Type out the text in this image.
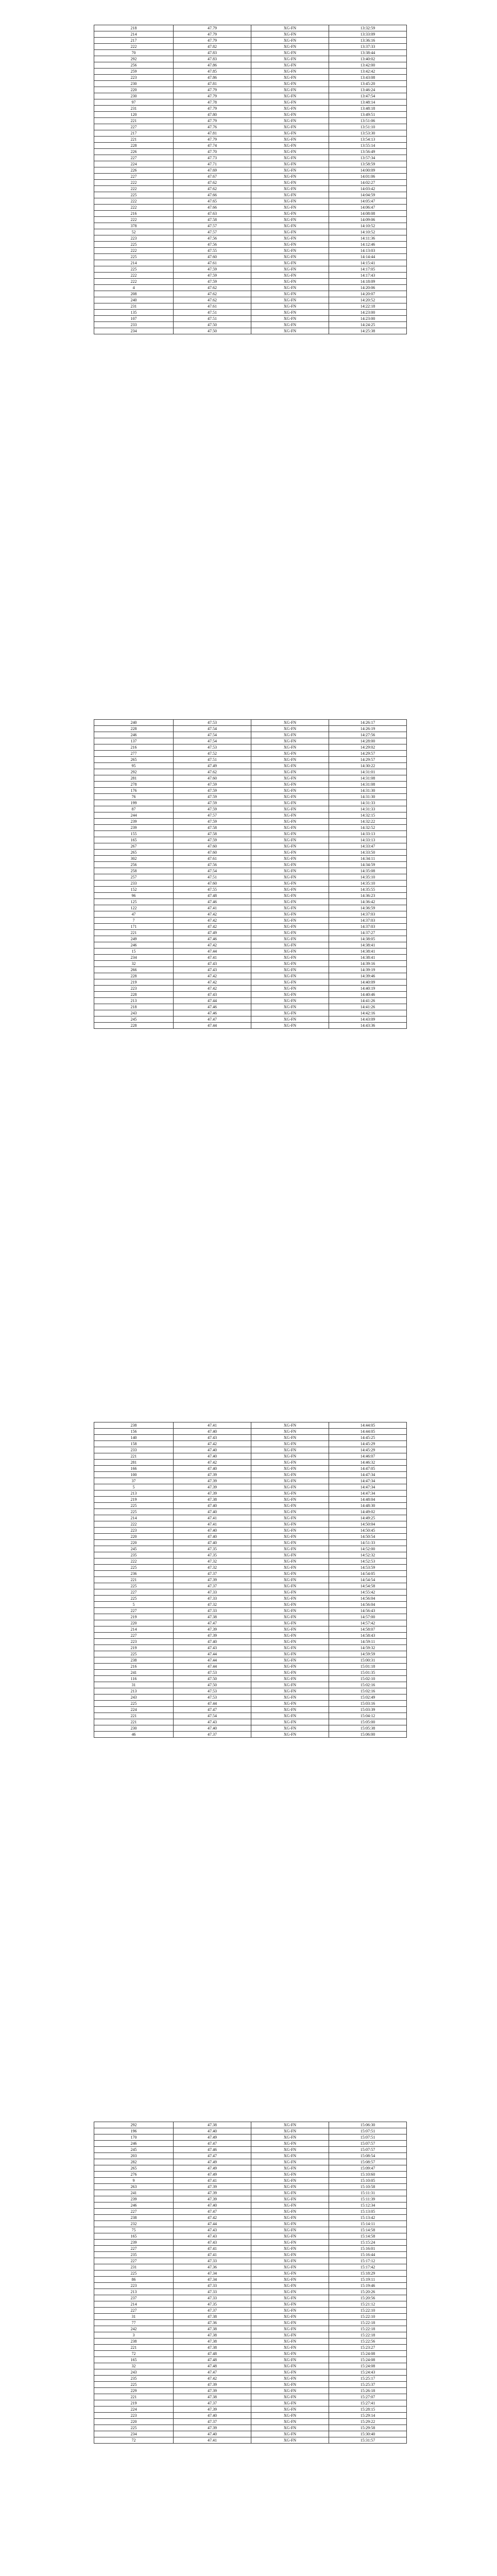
218	47.79	XG-FN	13:32:59
214	47.79	XG-FN	13:33:09
217	47.79	XG-FN	13:36:16
222	47.82	XG-FN	13:37:33
70	47.83	XG-FN	13:38:44
292	47.83	XG-FN	13:40:02
256	47.86	XG-FN	13:42:00
259	47.85	XG-FN	13:42:42
223	47.86	XG-FN	13:43:08
230	47.81	XG-FN	13:45:20
220	47.79	XG-FN	13:46:24
230	47.79	XG-FN	13:47:54
97	47.78	XG-FN	13:48:14
231	47.79	XG-FN	13:48:18
120	47.80	XG-FN	13:49:51
221	47.79	XG-FN	13:51:06
227	47.76	XG-FN	13:51:10
217	47.81	XG-FN	13:53:30
221	47.79	XG-FN	13:54:13
228	47.74	XG-FN	13:55:14
226	47.70	XG-FN	13:56:49
227	47.73	XG-FN	13:57:34
224	47.71	XG-FN	13:58:59
226	47.69	XG-FN	14:00:09
227	47.67	XG-FN	14:01:06
222	47.62	XG-FN	14:02:27
222	47.62	XG-FN	14:03:42
225	47.66	XG-FN	14:04:59
222	47.65	XG-FN	14:05:47
222	47.66	XG-FN	14:06:47
216	47.63	XG-FN	14:08:08
222	47.58	XG-FN	14:09:06
378	47.57	XG-FN	14:10:52
52	47.57	XG-FN	14:10:52
223	47.56	XG-FN	14:11:36
225	47.56	XG-FN	14:12:46
222	47.55	XG-FN	14:13:03
225	47.60	XG-FN	14:14:44
214	47.61	XG-FN	14:15:41
225	47.59	XG-FN	14:17:05
222	47.59	XG-FN	14:17:43
222	47.59	XG-FN	14:18:09
4	47.62	XG-FN	14:20:06
208	47.62	XG-FN	14:20:07
240	47.62	XG-FN	14:20:52
231	47.61	XG-FN	14:22:18
135	47.51	XG-FN	14:23:00
107	47.51	XG-FN	14:23:00
233	47.50	XG-FN	14:24:25
234	47.50	XG-FN	14:25:38
240	47.53	XG-FN	14:26:17
228	47.54	XG-FN	14:26:19
246	47.54	XG-FN	14:27:56
137	47.54	XG-FN	14:28:00
216	47.53	XG-FN	14:29:02
277	47.52	XG-FN	14:29:57
265	47.51	XG-FN	14:29:57
95	47.49	XG-FN	14:30:22
292	47.62	XG-FN	14:31:01
281	47.60	XG-FN	14:31:08
278	47.59	XG-FN	14:31:08
176	47.59	XG-FN	14:31:30
76	47.59	XG-FN	14:31:30
199	47.59	XG-FN	14:31:33
87	47.59	XG-FN	14:31:33
244	47.57	XG-FN	14:32:15
239	47.59	XG-FN	14:32:22
239	47.58	XG-FN	14:32:52
155	47.58	XG-FN	14:33:13
165	47.59	XG-FN	14:33:13
267	47.60	XG-FN	14:33:47
265	47.60	XG-FN	14:33:50
302	47.61	XG-FN	14:34:11
256	47.56	XG-FN	14:34:59
258	47.54	XG-FN	14:35:08
257	47.51	XG-FN	14:35:10
233	47.60	XG-FN	14:35:10
152	47.55	XG-FN	14:35:55
96	47.48	XG-FN	14:36:23
125	47.46	XG-FN	14:36:42
122	47.41	XG-FN	14:36:59
47	47.42	XG-FN	14:37:03
7	47.42	XG-FN	14:37:03
171	47.42	XG-FN	14:37:03
221	47.49	XG-FN	14:37:27
249	47.46	XG-FN	14:38:05
246	47.42	XG-FN	14:38:41
15	47.44	XG-FN	14:38:41
234	47.41	XG-FN	14:38:41
32	47.43	XG-FN	14:39:16
266	47.43	XG-FN	14:39:19
228	47.42	XG-FN	14:39:46
219	47.42	XG-FN	14:40:09
223	47.42	XG-FN	14:40:19
228	47.43	XG-FN	14:40:46
213	47.44	XG-FN	14:41:26
218	47.46	XG-FN	14:41:26
243	47.46	XG-FN	14:42:16
245	47.47	XG-FN	14:43:09
228	47.44	XG-FN	14:43:36
238	47.41	XG-FN	14:44:05
156	47.40	XG-FN	14:44:05
140	47.43	XG-FN	14:45:25
158	47.42	XG-FN	14:45:29
233	47.40	XG-FN	14:45:29
221	47.40	XG-FN	14:46:07
281	47.42	XG-FN	14:46:32
166	47.40	XG-FN	14:47:05
100	47.39	XG-FN	14:47:34
37	47.39	XG-FN	14:47:34
5	47.39	XG-FN	14:47:34
213	47.39	XG-FN	14:47:34
219	47.38	XG-FN	14:48:04
225	47.40	XG-FN	14:48:30
225	47.40	XG-FN	14:49:02
214	47.41	XG-FN	14:49:25
222	47.41	XG-FN	14:50:04
223	47.40	XG-FN	14:50:45
220	47.40	XG-FN	14:50:54
220	47.40	XG-FN	14:51:33
245	47.35	XG-FN	14:52:00
235	47.35	XG-FN	14:52:32
222	47.32	XG-FN	14:52:53
225	47.32	XG-FN	14:53:59
236	47.37	XG-FN	14:54:05
221	47.39	XG-FN	14:54:54
225	47.37	XG-FN	14:54:58
227	47.33	XG-FN	14:55:42
225	47.33	XG-FN	14:56:04
5	47.32	XG-FN	14:56:04
227	47.33	XG-FN	14:56:43
219	47.38	XG-FN	14:57:00
220	47.47	XG-FN	14:57:42
214	47.39	XG-FN	14:58:07
227	47.39	XG-FN	14:58:43
223	47.40	XG-FN	14:59:11
219	47.43	XG-FN	14:59:32
225	47.44	XG-FN	14:59:59
238	47.44	XG-FN	15:00:31
216	47.44	XG-FN	15:01:18
241	47.53	XG-FN	15:01:35
116	47.50	XG-FN	15:02:10
31	47.50	XG-FN	15:02:16
213	47.53	XG-FN	15:02:16
243	47.53	XG-FN	15:02:49
225	47.44	XG-FN	15:03:16
224	47.47	XG-FN	15:03:39
221	47.54	XG-FN	15:04:12
221	47.43	XG-FN	15:05:00
230	47.40	XG-FN	15:05:38
46	47.37	XG-FN	15:06:00
292	47.38	XG-FN	15:06:30
196	47.40	XG-FN	15:07:51
170	47.49	XG-FN	15:07:51
246	47.47	XG-FN	15:07:57
245	47.46	XG-FN	15:07:57
203	47.47	XG-FN	15:08:54
282	47.49	XG-FN	15:08:57
265	47.49	XG-FN	15:09:47
276	47.49	XG-FN	15:10:60
9	47.41	XG-FN	15:10:05
263	47.39	XG-FN	15:10:58
241	47.39	XG-FN	15:11:31
239	47.39	XG-FN	15:11:39
246	47.40	XG-FN	15:12:34
227	47.47	XG-FN	15:13:05
238	47.42	XG-FN	15:13:42
232	47.44	XG-FN	15:14:11
75	47.43	XG-FN	15:14:58
165	47.43	XG-FN	15:14:58
239	47.43	XG-FN	15:15:24
227	47.41	XG-FN	15:16:01
235	47.41	XG-FN	15:16:44
227	47.33	XG-FN	15:17:12
231	47.36	XG-FN	15:17:42
225	47.34	XG-FN	15:18:29
86	47.34	XG-FN	15:19:11
223	47.33	XG-FN	15:19:46
213	47.33	XG-FN	15:20:26
237	47.33	XG-FN	15:20:56
214	47.35	XG-FN	15:21:12
227	47.37	XG-FN	15:22:10
31	47.38	XG-FN	15:22:10
77	47.36	XG-FN	15:22:18
242	47.38	XG-FN	15:22:18
3	47.38	XG-FN	15:22:18
238	47.38	XG-FN	15:22:56
221	47.38	XG-FN	15:23:27
72	47.48	XG-FN	15:24:08
165	47.48	XG-FN	15:24:08
32	47.48	XG-FN	15:24:08
243	47.47	XG-FN	15:24:43
235	47.42	XG-FN	15:25:17
225	47.39	XG-FN	15:25:37
229	47.39	XG-FN	15:26:18
221	47.38	XG-FN	15:27:07
219	47.37	XG-FN	15:27:41
224	47.39	XG-FN	15:28:15
223	47.40	XG-FN	15:29:14
220	47.37	XG-FN	15:29:22
225	47.39	XG-FN	15:29:58
234	47.40	XG-FN	15:30:40
72	47.41	XG-FN	15:31:57
